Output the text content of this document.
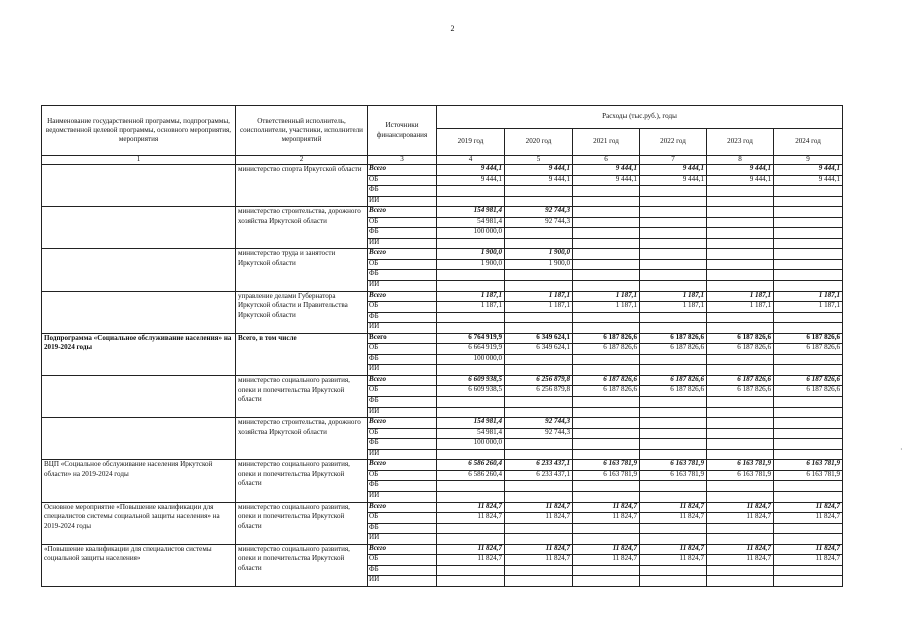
2
Наименование государственной программы, подпрограммы, ведомственной целевой программы, основного мероприятия, мероприятия	Ответственный исполнитель, соисполнители, участники, исполнители мероприятий	Источники финансирования	Расходы (тыс.руб.), годы					
			2019 год	2020 год	2021 год	2022 год	2023 год	2024 год
1	2	3	4	5	6	7	8	9
	министерство спорта Иркутской области	Всего	9 444,1	9 444,1	9 444,1	9 444,1	9 444,1	9 444,1
		ОБ	9 444,1	9 444,1	9 444,1	9 444,1	9 444,1	9 444,1
		ФБ						
		ИИ						
	министерство строительства, дорожного хозяйства Иркутской области	Всего	154 981,4	92 744,3				
		ОБ	54 981,4	92 744,3				
		ФБ	100 000,0					
		ИИ						
	министерство труда и занятости Иркутской области	Всего	1 900,0	1 900,0				
		ОБ	1 900,0	1 900,0				
		ФБ						
		ИИ						
	управление делами Губернатора Иркутской области и Правительства Иркутской области	Всего	1 187,1	1 187,1	1 187,1	1 187,1	1 187,1	1 187,1
		ОБ	1 187,1	1 187,1	1 187,1	1 187,1	1 187,1	1 187,1
		ФБ						
		ИИ						
Подпрограмма «Социальное обслуживание населения» на 2019-2024 годы	Всего, в том числе	Всего	6 764 919,9	6 349 624,1	6 187 826,6	6 187 826,6	6 187 826,6	6 187 826,6
		ОБ	6 664 919,9	6 349 624,1	6 187 826,6	6 187 826,6	6 187 826,6	6 187 826,6
		ФБ	100 000,0					
		ИИ						
	министерство социального развития, опеки и попечительства Иркутской области	Всего	6 609 938,5	6 256 879,8	6 187 826,6	6 187 826,6	6 187 826,6	6 187 826,6
		ОБ	6 609 938,5	6 256 879,8	6 187 826,6	6 187 826,6	6 187 826,6	6 187 826,6
		ФБ						
		ИИ						
	министерство строительства, дорожного хозяйства Иркутской области	Всего	154 981,4	92 744,3				
		ОБ	54 981,4	92 744,3				
		ФБ	100 000,0					
		ИИ						
ВЦП «Социальное обслуживание населения Иркутской области» на 2019-2024 годы	министерство социального развития, опеки и попечительства Иркутской области	Всего	6 586 260,4	6 233 437,1	6 163 781,9	6 163 781,9	6 163 781,9	6 163 781,9
		ОБ	6 586 260,4	6 233 437,1	6 163 781,9	6 163 781,9	6 163 781,9	6 163 781,9
		ФБ						
		ИИ						
Основное мероприятие «Повышение квалификации для специалистов системы социальной защиты населения» на 2019-2024 годы	министерство социального развития, опеки и попечительства Иркутской области	Всего	11 824,7	11 824,7	11 824,7	11 824,7	11 824,7	11 824,7
		ОБ	11 824,7	11 824,7	11 824,7	11 824,7	11 824,7	11 824,7
		ФБ						
		ИИ						
«Повышение квалификации для специалистов системы социальной защиты населения»	министерство социального развития, опеки и попечительства Иркутской области	Всего	11 824,7	11 824,7	11 824,7	11 824,7	11 824,7	11 824,7
		ОБ	11 824,7	11 824,7	11 824,7	11 824,7	11 824,7	11 824,7
		ФБ						
		ИИ						
·
